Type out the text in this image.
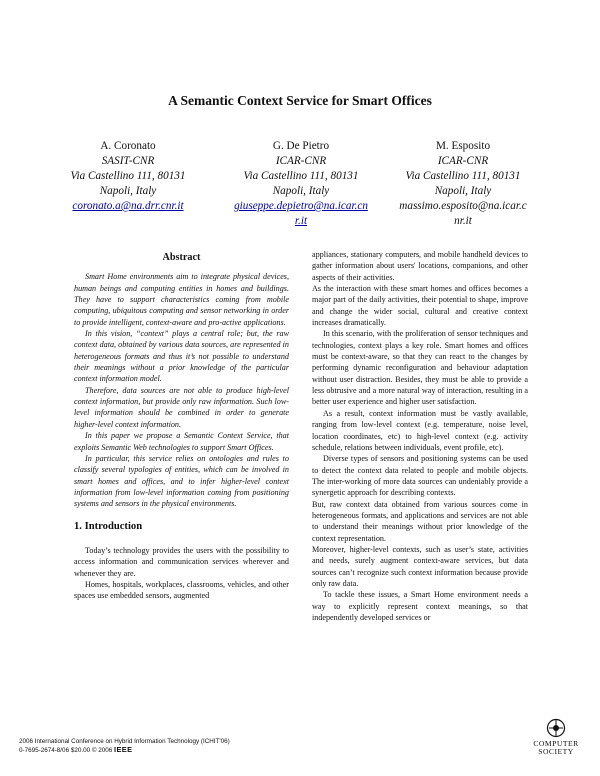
A Semantic Context Service for Smart Offices
A. Coronato
SASIT-CNR
Via Castellino 111, 80131
Napoli, Italy
coronato.a@na.drr.cnr.it
G. De Pietro
ICAR-CNR
Via Castellino 111, 80131
Napoli, Italy
giuseppe.depietro@na.icar.cnr.it
M. Esposito
ICAR-CNR
Via Castellino 111, 80131
Napoli, Italy
massimo.esposito@na.icar.cnr.it
Abstract

Smart Home environments aim to integrate physical devices, human beings and computing entities in homes and buildings. They have to support characteristics coming from mobile computing, ubiquitous computing and sensor networking in order to provide intelligent, context-aware and pro-active applications.

In this vision, “context” plays a central role; but, the raw context data, obtained by various data sources, are represented in heterogeneous formats and thus it’s not possible to understand their meanings without a prior knowledge of the particular context information model.

Therefore, data sources are not able to produce high-level context information, but provide only raw information. Such low-level information should be combined in order to generate higher-level context information.

In this paper we propose a Semantic Context Service, that exploits Semantic Web technologies to support Smart Offices.

In particular, this service relies on ontologies and rules to classify several typologies of entities, which can be involved in smart homes and offices, and to infer higher-level context information from low-level information coming from positioning systems and sensors in the physical environments.

1. Introduction

Today’s technology provides the users with the possibility to access information and communication services wherever and whenever they are.

Homes, hospitals, workplaces, classrooms, vehicles, and other spaces use embedded sensors, augmented

appliances, stationary computers, and mobile handheld devices to gather information about users' locations, companions, and other aspects of their activities.

As the interaction with these smart homes and offices becomes a major part of the daily activities, their potential to shape, improve and change the wider social, cultural and creative context increases dramatically.

In this scenario, with the proliferation of sensor techniques and technologies, context plays a key role. Smart homes and offices must be context-aware, so that they can react to the changes by performing dynamic reconfiguration and behaviour adaptation without user distraction. Besides, they must be able to provide a less obtrusive and a more natural way of interaction, resulting in a better user experience and higher user satisfaction.

As a result, context information must be vastly available, ranging from low-level context (e.g. temperature, noise level, location coordinates, etc) to high-level context (e.g. activity schedule, relations between individuals, event profile, etc).

Diverse types of sensors and positioning systems can be used to detect the context data related to people and mobile objects. The inter-working of more data sources can undeniably provide a synergetic approach for describing contexts.

But, raw context data obtained from various sources come in heterogeneous formats, and applications and services are not able to understand their meanings without prior knowledge of the context representation.

Moreover, higher-level contexts, such as user’s state, activities and needs, surely augment context-aware services, but data sources can’t recognize such context information because provide only raw data.

To tackle these issues, a Smart Home environment needs a way to explicitly represent context meanings, so that independently developed services or

2006 International Conference on Hybrid Information Technology (ICHIT'06)
0-7695-2674-8/06 $20.00 © 2006 IEEE
COMPUTER
SOCIETY
